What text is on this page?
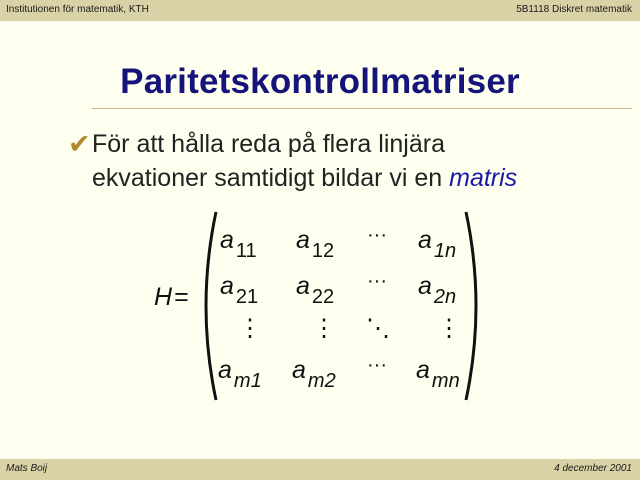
Institutionen för matematik, KTH	5B1118 Diskret matematik
Paritetskontrollmatriser
✔ För att hålla reda på flera linjära
ekvationer samtidigt bildar vi en matris
H=
a $_{11}$ a $_{12}$
··· a $_{1n}$
a $_{21}$ a $_{22}$
··· a $_{2n}$
⋮ ⋮ ⋱ ⋮
a $_{m1}$ a $_{m2}$
··· a $_{mn}$
Mats Boij	4 december 2001
